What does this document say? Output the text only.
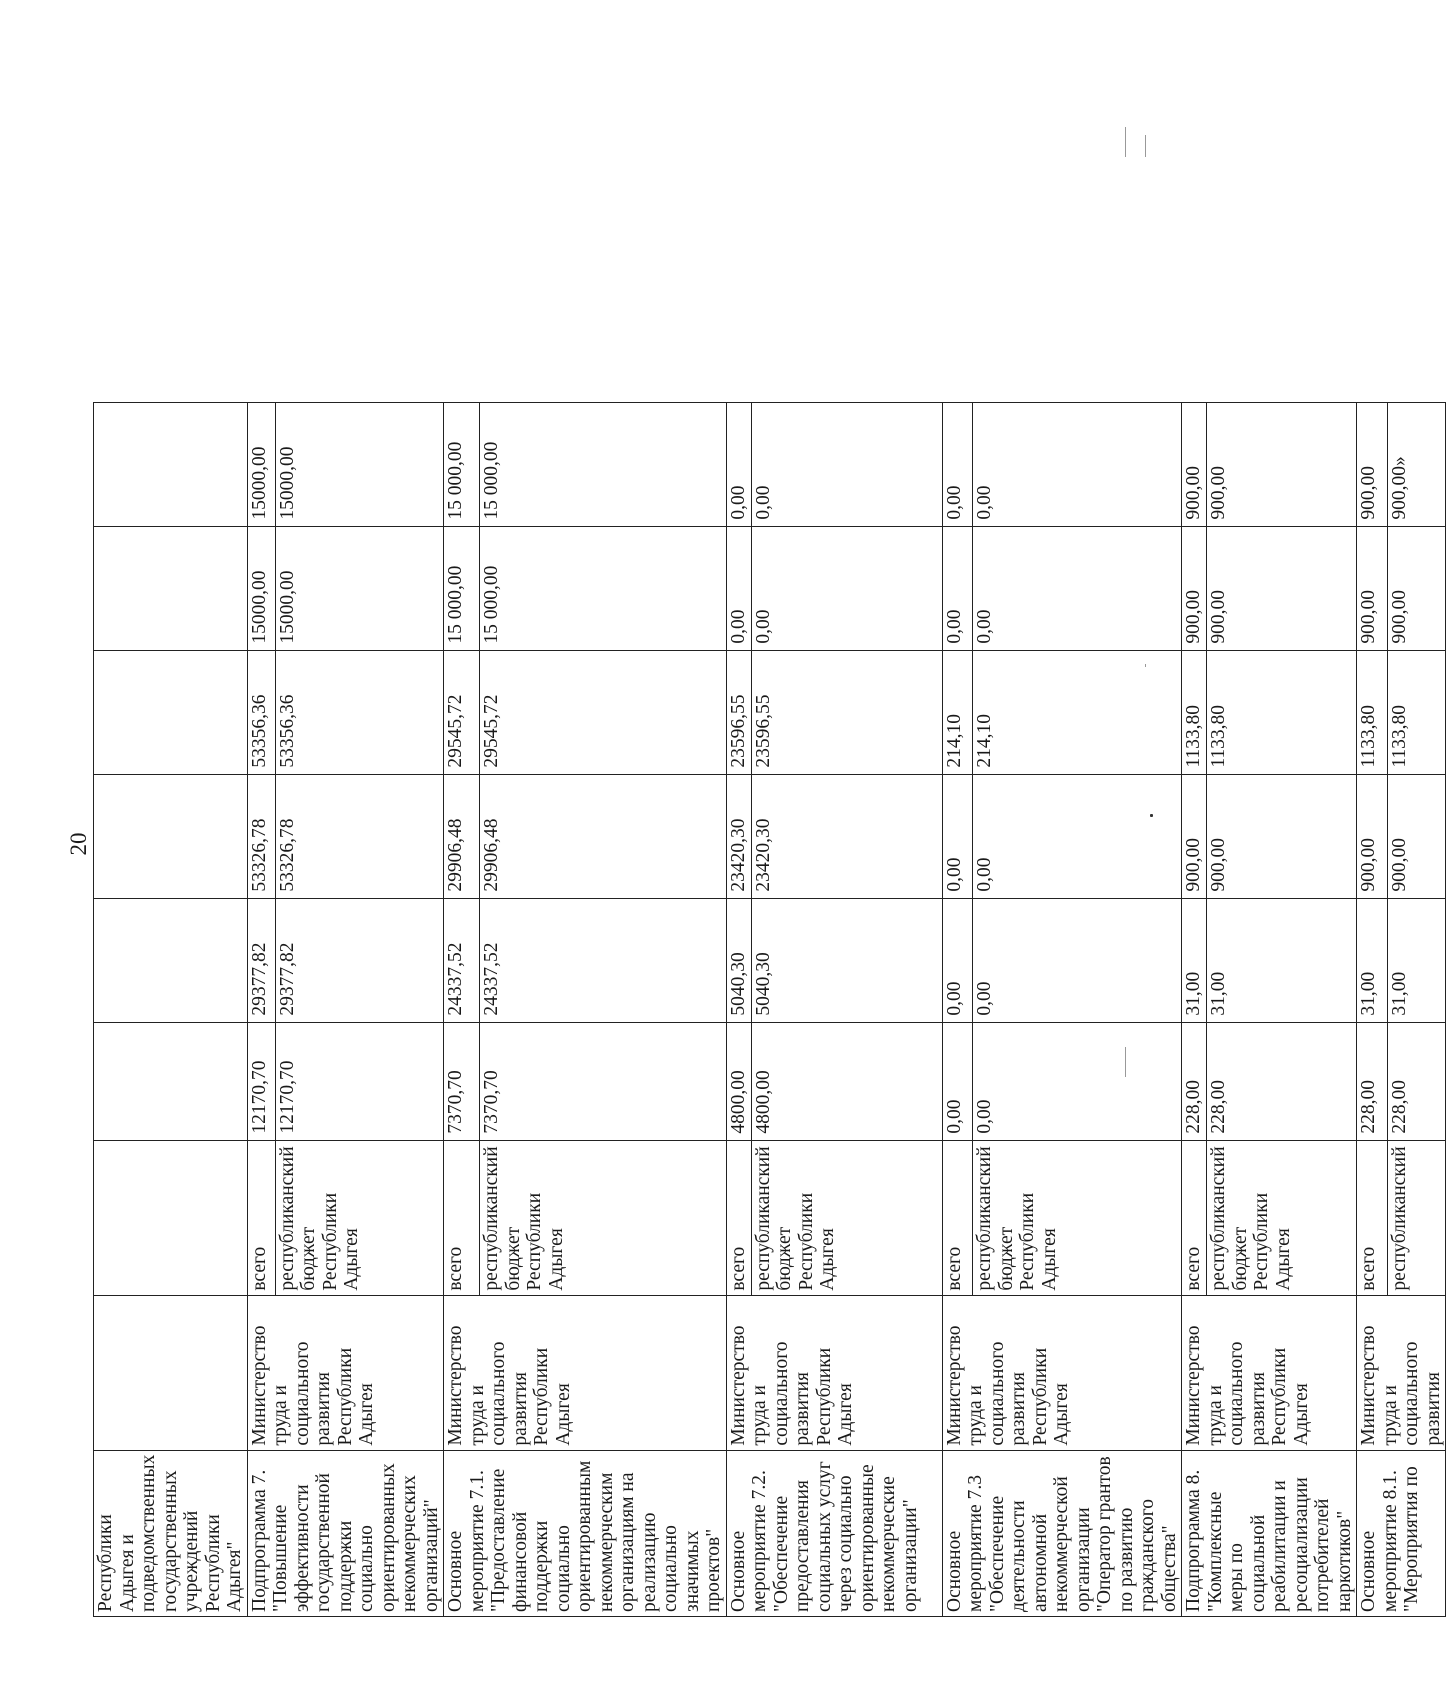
20
Республики Адыгея и подведомственных государственных учреждений Республики Адыгея"								
Подпрограмма 7. "Повышение эффективности государственной поддержки социально ориентированных некоммерческих организаций"	Министерство труда и социального развития Республики Адыгея	всего	12170,70	29377,82	53326,78	53356,36	15000,00	15000,00
		республиканский бюджет Республики Адыгея	12170,70	29377,82	53326,78	53356,36	15000,00	15000,00
Основное мероприятие 7.1. "Предоставление финансовой поддержки социально ориентированным некоммерческим организациям на реализацию социально значимых проектов"	Министерство труда и социального развития Республики Адыгея	всего	7370,70	24337,52	29906,48	29545,72	15 000,00	15 000,00
		республиканский бюджет Республики Адыгея	7370,70	24337,52	29906,48	29545,72	15 000,00	15 000,00
Основное мероприятие 7.2. "Обеспечение предоставления социальных услуг через социально ориентированные некоммерческие организации"	Министерство труда и социального развития Республики Адыгея	всего	4800,00	5040,30	23420,30	23596,55	0,00	0,00
		республиканский бюджет Республики Адыгея	4800,00	5040,30	23420,30	23596,55	0,00	0,00
Основное мероприятие 7.3 "Обеспечение деятельности автономной некоммерческой организации "Оператор грантов по развитию гражданского общества"	Министерство труда и социального развития Республики Адыгея	всего	0,00	0,00	0,00	214,10	0,00	0,00
		республиканский бюджет Республики Адыгея	0,00	0,00	0,00	214,10	0,00	0,00
Подпрограмма 8. "Комплексные меры по социальной реабилитации и ресоциализации потребителей наркотиков"	Министерство труда и социального развития Республики Адыгея	всего	228,00	31,00	900,00	1133,80	900,00	900,00
		республиканский бюджет Республики Адыгея	228,00	31,00	900,00	1133,80	900,00	900,00
Основное мероприятие 8.1. "Мероприятия по	Министерство труда и социального развития	всего	228,00	31,00	900,00	1133,80	900,00	900,00
		республиканский	228,00	31,00	900,00	1133,80	900,00	900,00»
